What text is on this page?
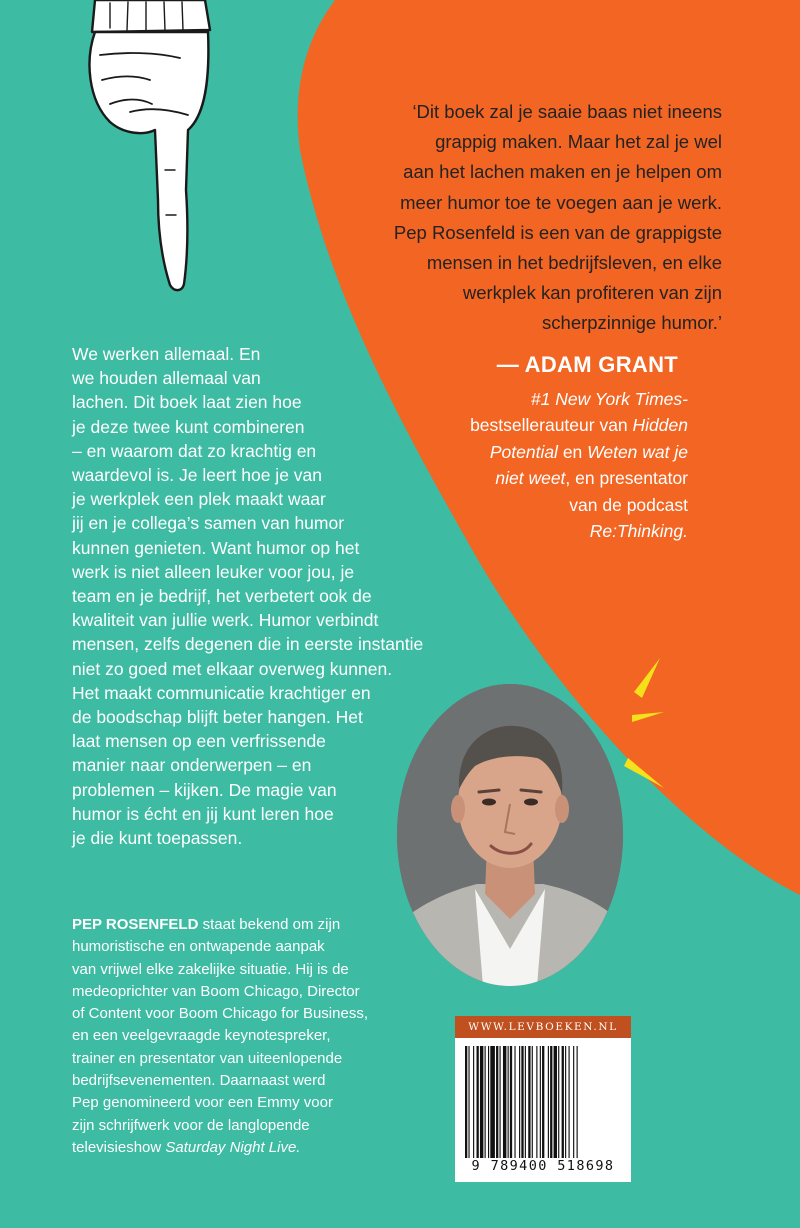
‘Dit boek zal je saaie baas niet ineens

grappig maken. Maar het zal je wel

aan het lachen maken en je helpen om

meer humor toe te voegen aan je werk.

Pep Rosenfeld is een van de grappigste

mensen in het bedrijfsleven, en elke

werkplek kan profiteren van zijn

scherpzinnige humor.’

— ADAM GRANT
#1 New York Times-
bestsellerauteur van Hidden
Potential en Weten wat je
niet weet, en presentator
van de podcast
Re:Thinking.

We werken allemaal. En

we houden allemaal van

lachen. Dit boek laat zien hoe

je deze twee kunt combineren

– en waarom dat zo krachtig en

waardevol is. Je leert hoe je van

je werkplek een plek maakt waar

jij en je collega’s samen van humor

kunnen genieten. Want humor op het

werk is niet alleen leuker voor jou, je

team en je bedrijf, het verbetert ook de

kwaliteit van jullie werk. Humor verbindt

mensen, zelfs degenen die in eerste instantie

niet zo goed met elkaar overweg kunnen.

Het maakt communicatie krachtiger en

de boodschap blijft beter hangen. Het

laat mensen op een verfrissende

manier naar onderwerpen – en

problemen – kijken. De magie van

humor is écht en jij kunt leren hoe

je die kunt toepassen.

PEP ROSENFELD staat bekend om zijn

humoristische en ontwapende aanpak

van vrijwel elke zakelijke situatie. Hij is de

medeoprichter van Boom Chicago, Director

of Content voor Boom Chicago for Business,

en een veelgevraagde keynotespreker,

trainer en presentator van uiteenlopende

bedrijfsevenementen. Daarnaast werd

Pep genomineerd voor een Emmy voor

zijn schrijfwerk voor de langlopende

televisieshow Saturday Night Live.

WWW.LEVBOEKEN.NL
9 789400 518698
